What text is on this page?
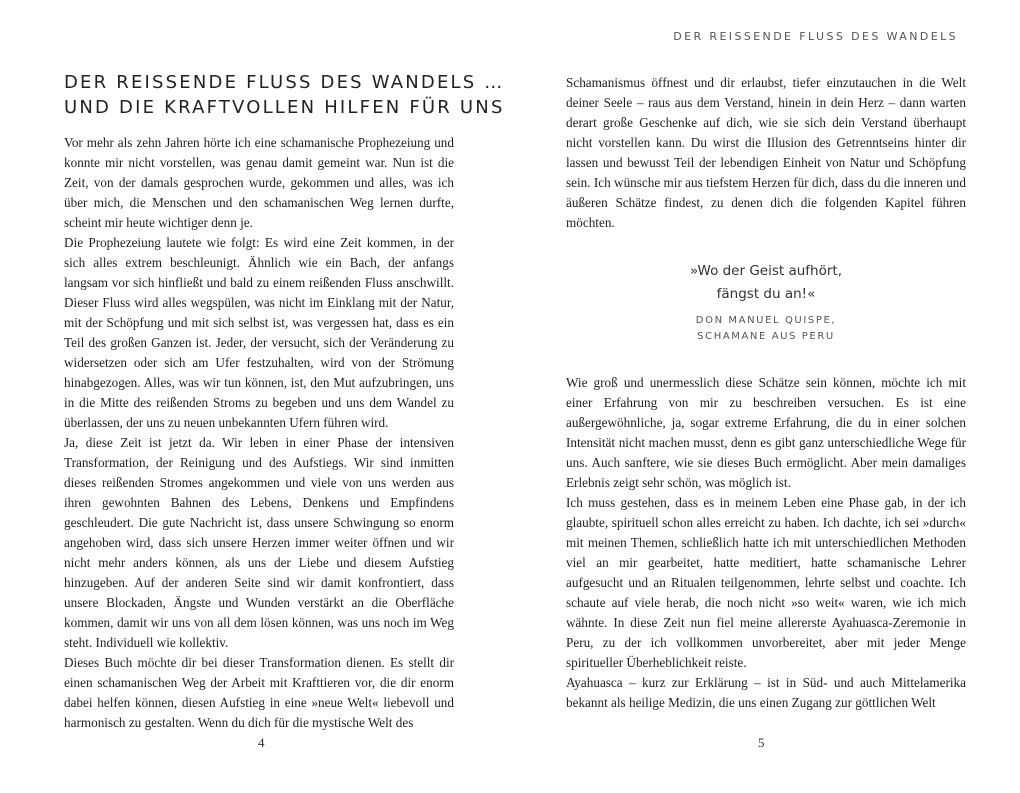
DER REISSENDE FLUSS DES WANDELS …
UND DIE KRAFTVOLLEN HILFEN FÜR UNS

Vor mehr als zehn Jahren hörte ich eine schamanische Prophezeiung und konnte mir nicht vorstellen, was genau damit gemeint war. Nun ist die Zeit, von der damals gesprochen wurde, gekommen und alles, was ich über mich, die Menschen und den schamanischen Weg lernen durfte, scheint mir heute wichtiger denn je.

Die Prophezeiung lautete wie folgt: Es wird eine Zeit kommen, in der sich alles extrem beschleunigt. Ähnlich wie ein Bach, der anfangs langsam vor sich hinfließt und bald zu einem reißenden Fluss anschwillt. Dieser Fluss wird alles wegspülen, was nicht im Einklang mit der Natur, mit der Schöpfung und mit sich selbst ist, was vergessen hat, dass es ein Teil des großen Ganzen ist. Jeder, der versucht, sich der Veränderung zu widersetzen oder sich am Ufer festzuhalten, wird von der Strömung hinabgezogen. Alles, was wir tun können, ist, den Mut aufzubringen, uns in die Mitte des reißenden Stroms zu begeben und uns dem Wandel zu überlassen, der uns zu neuen unbekannten Ufern führen wird.

Ja, diese Zeit ist jetzt da. Wir leben in einer Phase der intensiven Transformation, der Reinigung und des Aufstiegs. Wir sind inmitten dieses reißenden Stromes angekommen und viele von uns werden aus ihren gewohnten Bahnen des Lebens, Denkens und Empfindens geschleudert. Die gute Nachricht ist, dass unsere Schwingung so enorm angehoben wird, dass sich unsere Herzen immer weiter öffnen und wir nicht mehr anders können, als uns der Liebe und diesem Aufstieg hinzugeben. Auf der anderen Seite sind wir damit konfrontiert, dass unsere Blockaden, Ängste und Wunden verstärkt an die Oberfläche kommen, damit wir uns von all dem lösen können, was uns noch im Weg steht. Individuell wie kollektiv.

Dieses Buch möchte dir bei dieser Transformation dienen. Es stellt dir einen schamanischen Weg der Arbeit mit Krafttieren vor, die dir enorm dabei helfen können, diesen Aufstieg in eine »neue Welt« liebevoll und harmonisch zu gestalten. Wenn du dich für die mystische Welt des

4
DER REISSENDE FLUSS DES WANDELS

Schamanismus öffnest und dir erlaubst, tiefer einzutauchen in die Welt deiner Seele – raus aus dem Verstand, hinein in dein Herz – dann warten derart große Geschenke auf dich, wie sie sich dein Verstand überhaupt nicht vorstellen kann. Du wirst die Illusion des Getrenntseins hinter dir lassen und bewusst Teil der lebendigen Einheit von Natur und Schöpfung sein. Ich wünsche mir aus tiefstem Herzen für dich, dass du die inneren und äußeren Schätze findest, zu denen dich die folgenden Kapitel führen möchten.

»Wo der Geist aufhört,
fängst du an!«
DON MANUEL QUISPE,
SCHAMANE AUS PERU

Wie groß und unermesslich diese Schätze sein können, möchte ich mit einer Erfahrung von mir zu beschreiben versuchen. Es ist eine außergewöhnliche, ja, sogar extreme Erfahrung, die du in einer solchen Intensität nicht machen musst, denn es gibt ganz unterschiedliche Wege für uns. Auch sanftere, wie sie dieses Buch ermöglicht. Aber mein damaliges Erlebnis zeigt sehr schön, was möglich ist.

Ich muss gestehen, dass es in meinem Leben eine Phase gab, in der ich glaubte, spirituell schon alles erreicht zu haben. Ich dachte, ich sei »durch« mit meinen Themen, schließlich hatte ich mit unterschiedlichen Methoden viel an mir gearbeitet, hatte meditiert, hatte schamanische Lehrer aufgesucht und an Ritualen teilgenommen, lehrte selbst und coachte. Ich schaute auf viele herab, die noch nicht »so weit« waren, wie ich mich wähnte. In diese Zeit nun fiel meine allererste Ayahuasca-Zeremonie in Peru, zu der ich vollkommen unvorbereitet, aber mit jeder Menge spiritueller Überheblichkeit reiste.

Ayahuasca – kurz zur Erklärung – ist in Süd- und auch Mittelamerika bekannt als heilige Medizin, die uns einen Zugang zur göttlichen Welt

5
